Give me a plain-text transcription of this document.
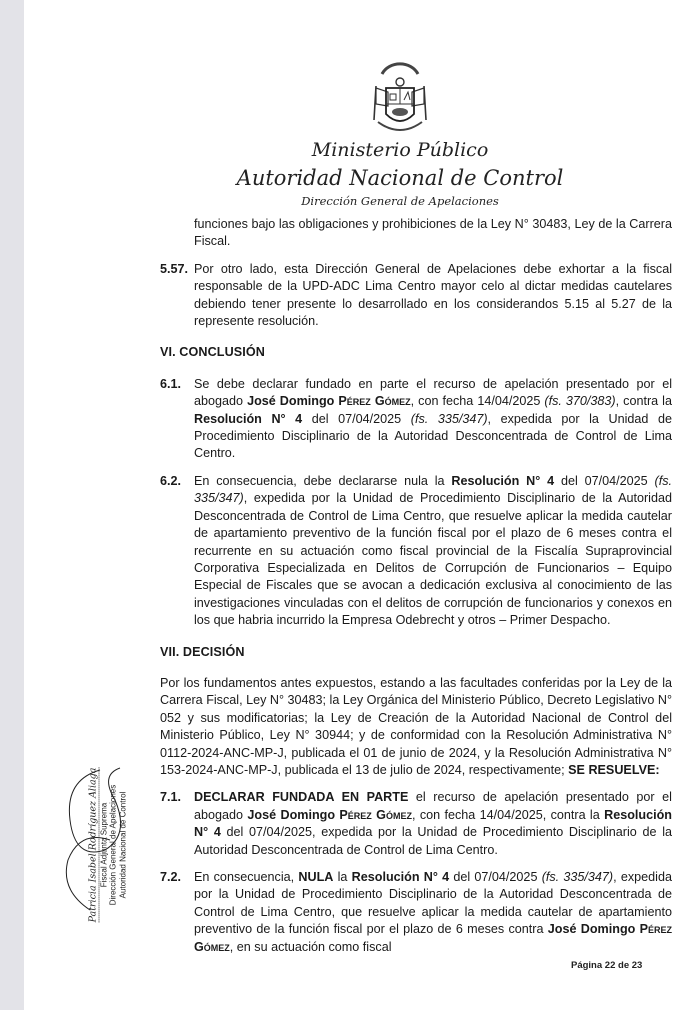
Ministerio Público
Autoridad Nacional de Control
Dirección General de Apelaciones
funciones bajo las obligaciones y prohibiciones de la Ley N° 30483, Ley de la Carrera Fiscal.
5.57. Por otro lado, esta Dirección General de Apelaciones debe exhortar a la fiscal responsable de la UPD-ADC Lima Centro mayor celo al dictar medidas cautelares debiendo tener presente lo desarrollado en los considerandos 5.15 al 5.27 de la represente resolución.
VI. CONCLUSIÓN
6.1. Se debe declarar fundado en parte el recurso de apelación presentado por el abogado José Domingo Pérez Gómez, con fecha 14/04/2025 (fs. 370/383), contra la Resolución N° 4 del 07/04/2025 (fs. 335/347), expedida por la Unidad de Procedimiento Disciplinario de la Autoridad Desconcentrada de Control de Lima Centro.
6.2. En consecuencia, debe declararse nula la Resolución N° 4 del 07/04/2025 (fs. 335/347), expedida por la Unidad de Procedimiento Disciplinario de la Autoridad Desconcentrada de Control de Lima Centro, que resuelve aplicar la medida cautelar de apartamiento preventivo de la función fiscal por el plazo de 6 meses contra el recurrente en su actuación como fiscal provincial de la Fiscalía Supraprovincial Corporativa Especializada en Delitos de Corrupción de Funcionarios – Equipo Especial de Fiscales que se avocan a dedicación exclusiva al conocimiento de las investigaciones vinculadas con el delitos de corrupción de funcionarios y conexos en los que habria incurrido la Empresa Odebrecht y otros – Primer Despacho.
VII. DECISIÓN
Por los fundamentos antes expuestos, estando a las facultades conferidas por la Ley de la Carrera Fiscal, Ley N° 30483; la Ley Orgánica del Ministerio Público, Decreto Legislativo N° 052 y sus modificatorias; la Ley de Creación de la Autoridad Nacional de Control del Ministerio Público, Ley N° 30944; y de conformidad con la Resolución Administrativa N° 0112-2024-ANC-MP-J, publicada el 01 de junio de 2024, y la Resolución Administrativa N° 153-2024-ANC-MP-J, publicada el 13 de julio de 2024, respectivamente; SE RESUELVE:
7.1. DECLARAR FUNDADA EN PARTE el recurso de apelación presentado por el abogado José Domingo Pérez Gómez, con fecha 14/04/2025, contra la Resolución N° 4 del 07/04/2025, expedida por la Unidad de Procedimiento Disciplinario de la Autoridad Desconcentrada de Control de Lima Centro.
7.2. En consecuencia, NULA la Resolución N° 4 del 07/04/2025 (fs. 335/347), expedida por la Unidad de Procedimiento Disciplinario de la Autoridad Desconcentrada de Control de Lima Centro, que resuelve aplicar la medida cautelar de apartamiento preventivo de la función fiscal por el plazo de 6 meses contra José Domingo Pérez Gómez, en su actuación como fiscal
Patricia Isabel Rodríguez Aliaga Fiscal Adjunta Suprema Dirección General de Apelaciones Autoridad Nacional de Control
Página 22 de 23
